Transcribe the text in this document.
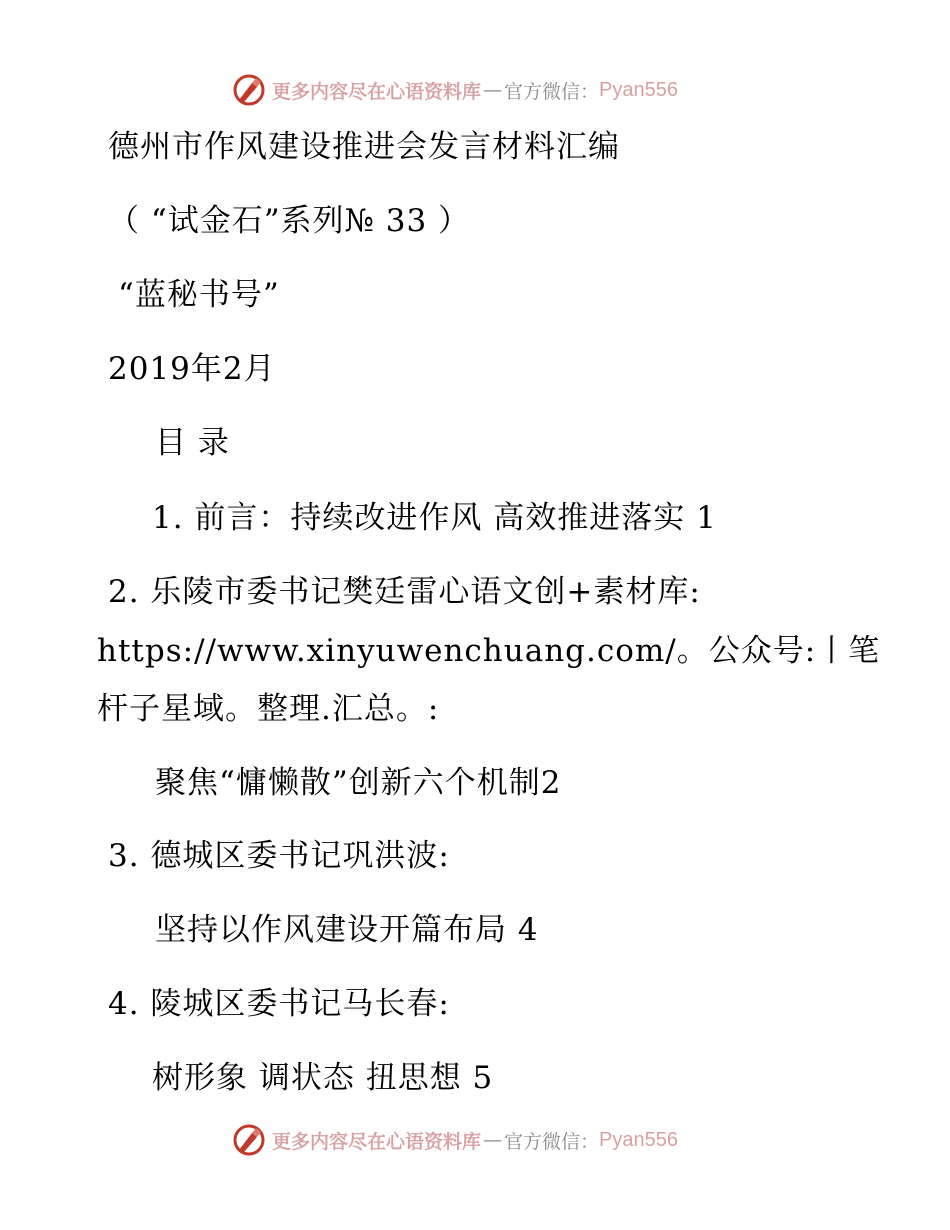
更多内容尽在心语资料库 — 官方微信： Pyan556
德州市作风建设推进会发言材料汇编
（ “试金石”系列№ 33 ）
“蓝秘书号”
2019年2月
目 录
1. 前言：持续改进作风 高效推进落实 1
2. 乐陵市委书记樊廷雷心语文创+素材库:
https://www.xinyuwenchuang.com/。公众号:丨笔
杆子星域。整理.汇总。:
聚焦“慵懒散”创新六个机制2
3. 德城区委书记巩洪波:
坚持以作风建设开篇布局 4
4. 陵城区委书记马长春:
树形象 调状态 扭思想 5
更多内容尽在心语资料库 — 官方微信： Pyan556
